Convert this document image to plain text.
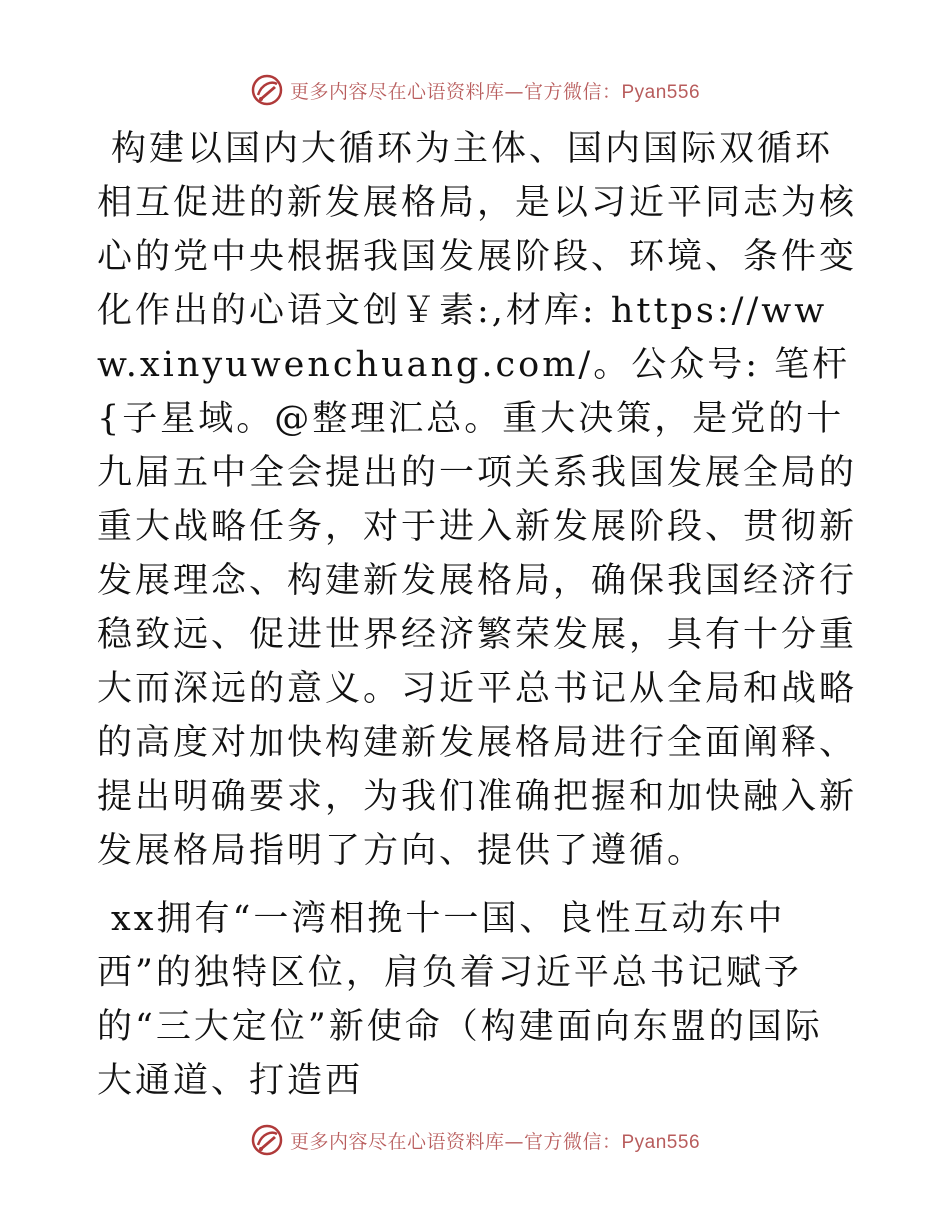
更多内容尽在心语资料库—官方微信：Pyan556

构建以国内大循环为主体、国内国际双循环相互促进的新发展格局，是以习近平同志为核心的党中央根据我国发展阶段、环境、条件变化作出的心语文创￥素:,材库: https://www.xinyuwenchuang.com/。公众号: 笔杆{子星域。@整理汇总。重大决策，是党的十九届五中全会提出的一项关系我国发展全局的重大战略任务，对于进入新发展阶段、贯彻新发展理念、构建新发展格局，确保我国经济行稳致远、促进世界经济繁荣发展，具有十分重大而深远的意义。习近平总书记从全局和战略的高度对加快构建新发展格局进行全面阐释、提出明确要求，为我们准确把握和加快融入新发展格局指明了方向、提供了遵循。

xx拥有“一湾相挽十一国、良性互动东中西”的独特区位，肩负着习近平总书记赋予的“三大定位”新使命（构建面向东盟的国际大通道、打造西

更多内容尽在心语资料库—官方微信：Pyan556
